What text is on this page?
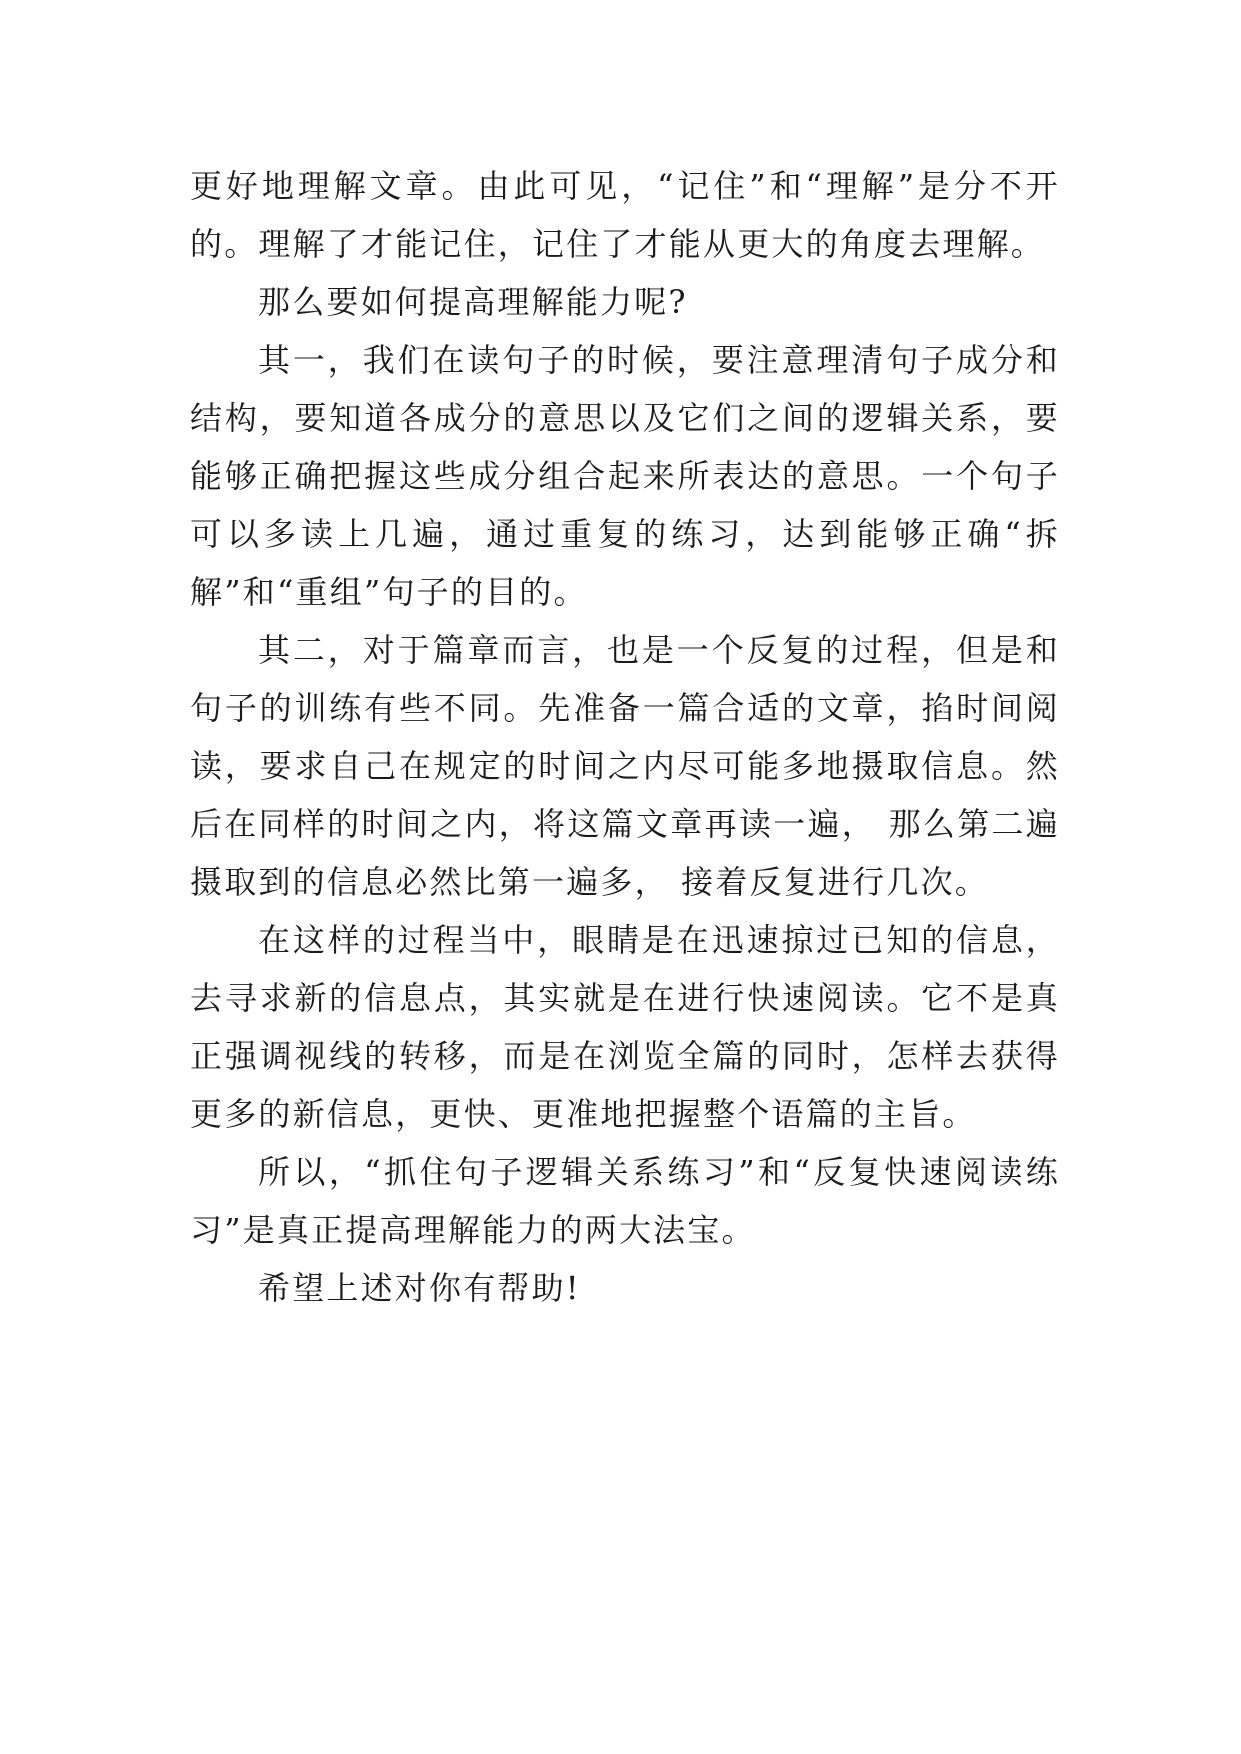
更好地理解文章。由此可见，“记住”和“理解”是分不开的。理解了才能记住，记住了才能从更大的角度去理解。

那么要如何提高理解能力呢?

其一，我们在读句子的时候，要注意理清句子成分和结构，要知道各成分的意思以及它们之间的逻辑关系，要能够正确把握这些成分组合起来所表达的意思。一个句子可以多读上几遍，通过重复的练习，达到能够正确“拆解”和“重组”句子的目的。

其二，对于篇章而言，也是一个反复的过程，但是和句子的训练有些不同。先准备一篇合适的文章，掐时间阅读，要求自己在规定的时间之内尽可能多地摄取信息。然后在同样的时间之内，将这篇文章再读一遍， 那么第二遍摄取到的信息必然比第一遍多， 接着反复进行几次。

在这样的过程当中，眼睛是在迅速掠过已知的信息，去寻求新的信息点，其实就是在进行快速阅读。它不是真正强调视线的转移，而是在浏览全篇的同时，怎样去获得更多的新信息，更快、更准地把握整个语篇的主旨。

所以，“抓住句子逻辑关系练习”和“反复快速阅读练习”是真正提高理解能力的两大法宝。

希望上述对你有帮助!
